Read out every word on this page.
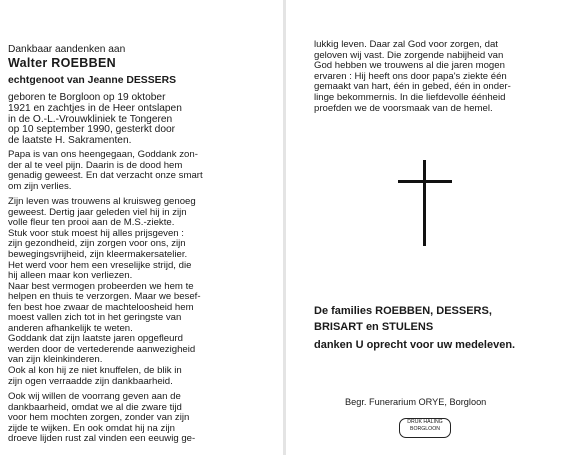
DRUK HALING
BORGLOON
Dankbaar aandenken aan
Walter ROEBBEN
echtgenoot van Jeanne DESSERS
geboren te Borgloon op 19 oktober
1921 en zachtjes in de Heer ontslapen
in de O.-L.-Vrouwkliniek te Tongeren
op 10 september 1990, gesterkt door
de laatste H. Sakramenten.
Papa is van ons heengegaan, Goddank zon-
der al te veel pijn. Daarin is de dood hem
genadig geweest. En dat verzacht onze smart
om zijn verlies.
Zijn leven was trouwens al kruisweg genoeg
geweest. Dertig jaar geleden viel hij in zijn
volle fleur ten prooi aan de M.S.-ziekte.
Stuk voor stuk moest hij alles prijsgeven :
zijn gezondheid, zijn zorgen voor ons, zijn
bewegingsvrijheid, zijn kleermakersatelier.
Het werd voor hem een vreselijke strijd, die
hij alleen maar kon verliezen.
Naar best vermogen probeerden we hem te
helpen en thuis te verzorgen. Maar we besef-
fen best hoe zwaar de machteloosheid hem
moest vallen zich tot in het geringste van
anderen afhankelijk te weten.
Goddank dat zijn laatste jaren opgefleurd
werden door de vertederende aanwezigheid
van zijn kleinkinderen.
Ook al kon hij ze niet knuffelen, de blik in
zijn ogen verraadde zijn dankbaarheid.
Ook wij willen de voorrang geven aan de
dankbaarheid, omdat we al die zware tijd
voor hem mochten zorgen, zonder van zijn
zijde te wijken. En ook omdat hij na zijn
droeve lijden rust zal vinden een eeuwig ge-
lukkig leven. Daar zal God voor zorgen, dat
geloven wij vast. Die zorgende nabijheid van
God hebben we trouwens al die jaren mogen
ervaren : Hij heeft ons door papa's ziekte één
gemaakt van hart, één in gebed, één in onder-
linge bekommernis. In die liefdevolle éénheid
proefden we de voorsmaak van de hemel.
De families ROEBBEN, DESSERS,
BRISART en STULENS
danken U oprecht voor uw medeleven.
Begr. Funerarium ORYE, Borgloon
